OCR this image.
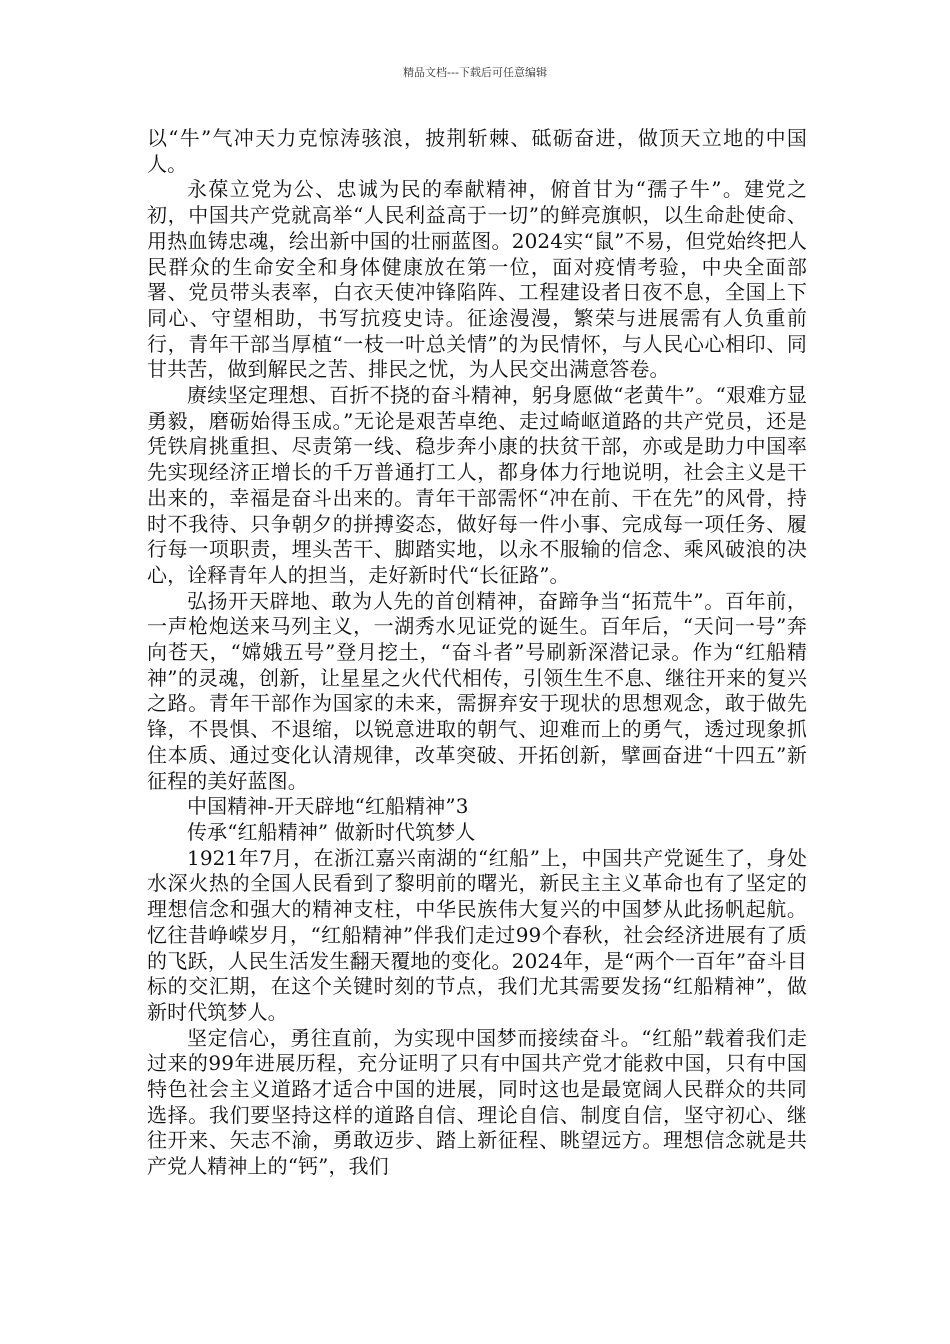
精品文档---下载后可任意编辑

以“牛”气冲天力克惊涛骇浪，披荆斩棘、砥砺奋进，做顶天立地的中国人。

永葆立党为公、忠诚为民的奉献精神，俯首甘为“孺子牛”。建党之初，中国共产党就高举“人民利益高于一切”的鲜亮旗帜，以生命赴使命、用热血铸忠魂，绘出新中国的壮丽蓝图。2024实“鼠”不易，但党始终把人民群众的生命安全和身体健康放在第一位，面对疫情考验，中央全面部署、党员带头表率，白衣天使冲锋陷阵、工程建设者日夜不息，全国上下同心、守望相助，书写抗疫史诗。征途漫漫，繁荣与进展需有人负重前行，青年干部当厚植“一枝一叶总关情”的为民情怀，与人民心心相印、同甘共苦，做到解民之苦、排民之忧，为人民交出满意答卷。

赓续坚定理想、百折不挠的奋斗精神，躬身愿做“老黄牛”。“艰难方显勇毅，磨砺始得玉成。”无论是艰苦卓绝、走过崎岖道路的共产党员，还是凭铁肩挑重担、尽责第一线、稳步奔小康的扶贫干部，亦或是助力中国率先实现经济正增长的千万普通打工人，都身体力行地说明，社会主义是干出来的，幸福是奋斗出来的。青年干部需怀“冲在前、干在先”的风骨，持时不我待、只争朝夕的拼搏姿态，做好每一件小事、完成每一项任务、履行每一项职责，埋头苦干、脚踏实地，以永不服输的信念、乘风破浪的决心，诠释青年人的担当，走好新时代“长征路”。

弘扬开天辟地、敢为人先的首创精神，奋蹄争当“拓荒牛”。百年前，一声枪炮送来马列主义，一湖秀水见证党的诞生。百年后，“天问一号”奔向苍天，“嫦娥五号”登月挖土，“奋斗者”号刷新深潜记录。作为“红船精神”的灵魂，创新，让星星之火代代相传，引领生生不息、继往开来的复兴之路。青年干部作为国家的未来，需摒弃安于现状的思想观念，敢于做先锋，不畏惧、不退缩，以锐意进取的朝气、迎难而上的勇气，透过现象抓住本质、通过变化认清规律，改革突破、开拓创新，擘画奋进“十四五”新征程的美好蓝图。

中国精神-开天辟地“红船精神”3

传承“红船精神” 做新时代筑梦人

1921年7月，在浙江嘉兴南湖的“红船”上，中国共产党诞生了，身处水深火热的全国人民看到了黎明前的曙光，新民主主义革命也有了坚定的理想信念和强大的精神支柱，中华民族伟大复兴的中国梦从此扬帆起航。忆往昔峥嵘岁月，“红船精神”伴我们走过99个春秋，社会经济进展有了质的飞跃，人民生活发生翻天覆地的变化。2024年，是“两个一百年”奋斗目标的交汇期，在这个关键时刻的节点，我们尤其需要发扬“红船精神”，做新时代筑梦人。

坚定信心，勇往直前，为实现中国梦而接续奋斗。“红船”载着我们走过来的99年进展历程，充分证明了只有中国共产党才能救中国，只有中国特色社会主义道路才适合中国的进展，同时这也是最宽阔人民群众的共同选择。我们要坚持这样的道路自信、理论自信、制度自信，坚守初心、继往开来、矢志不渝，勇敢迈步、踏上新征程、眺望远方。理想信念就是共产党人精神上的“钙”，我们
